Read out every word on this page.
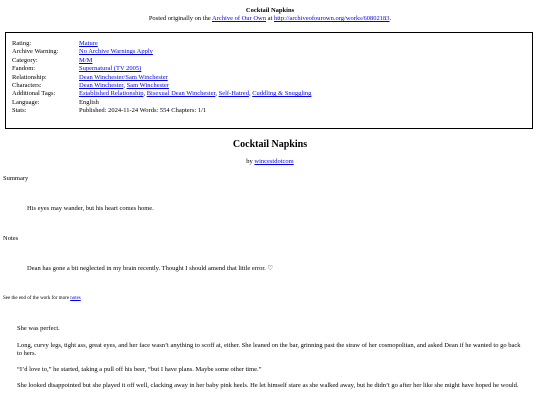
Cocktail Napkins
Posted originally on the Archive of Our Own at http://archiveofourown.org/works/60802183.
Rating:	Mature
Archive Warning:	No Archive Warnings Apply
Category:	M/M
Fandom:	Supernatural (TV 2005)
Relationship:	Dean Winchester/Sam Winchester
Characters:	Dean Winchester, Sam Winchester
Additional Tags:	Established Relationship, Bisexual Dean Winchester, Self-Hatred, Cuddling & Snuggling
Language:	English
Stats:	Published: 2024-11-24 Words: 554 Chapters: 1/1
Cocktail Napkins
by wincestdotcom
Summary
His eyes may wander, but his heart comes home.
Notes
Dean has gone a bit neglected in my brain recently. Thought I should amend that little error. ♡
See the end of the work for more notes
She was perfect.
Long, curvy legs, tight ass, great eyes, and her face wasn’t anything to scoff at, either. She leaned on the bar, grinning past the straw of her cosmopolitan, and asked Dean if he wanted to go back to hers.
“I’d love to,” he started, taking a pull off his beer, “but I have plans. Maybe some other time.”
She looked disappointed but she played it off well, clacking away in her baby pink heels. He let himself stare as she walked away, but he didn’t go after her like she might have hoped he would.
